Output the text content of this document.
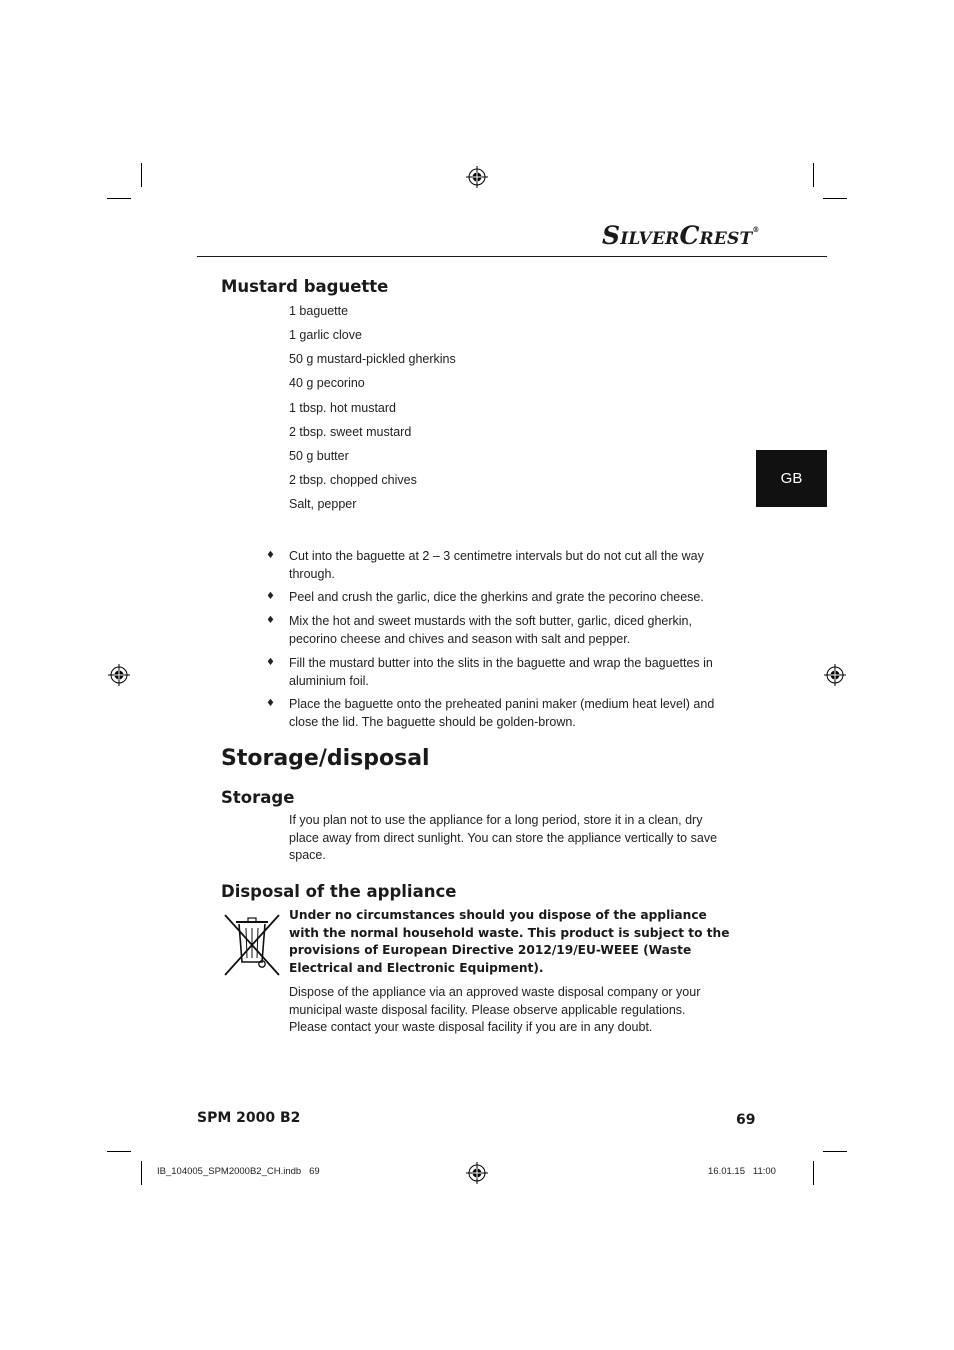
SILVERCREST®
GB
Mustard baguette
1 baguette
1 garlic clove
50 g mustard-pickled gherkins
40 g pecorino
1 tbsp. hot mustard
2 tbsp. sweet mustard
50 g butter
2 tbsp. chopped chives
Salt, pepper
♦ Cut into the baguette at 2 – 3 centimetre intervals but do not cut all the way through.
♦ Peel and crush the garlic, dice the gherkins and grate the pecorino cheese.
♦ Mix the hot and sweet mustards with the soft butter, garlic, diced gherkin, pecorino cheese and chives and season with salt and pepper.
♦ Fill the mustard butter into the slits in the baguette and wrap the baguettes in aluminium foil.
♦ Place the baguette onto the preheated panini maker (medium heat level) and close the lid. The baguette should be golden-brown.
Storage/disposal
Storage
If you plan not to use the appliance for a long period, store it in a clean, dry place away from direct sunlight. You can store the appliance vertically to save space.
Disposal of the appliance
Under no circumstances should you dispose of the appliance with the normal household waste. This product is subject to the provisions of European Directive 2012/19/EU-WEEE (Waste Electrical and Electronic Equipment).
Dispose of the appliance via an approved waste disposal company or your municipal waste disposal facility. Please observe applicable regulations. Please contact your waste disposal facility if you are in any doubt.
SPM 2000 B2	69
IB_104005_SPM2000B2_CH.indb   69	16.01.15   11:00
